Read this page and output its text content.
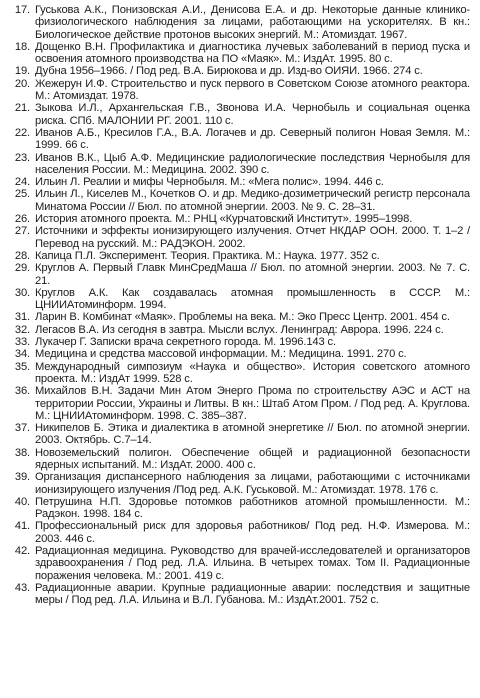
17. Гуськова А.К., Понизовская А.И., Денисова Е.А. и др. Некоторые данные клинико-физиологического наблюдения за лицами, работающими на ускорителях. В кн.: Биологическое действие протонов высоких энергий. М.: Атомиздат. 1967.
18. Дощенко В.Н. Профилактика и диагностика лучевых заболеваний в период пуска и освоения атомного производства на ПО «Маяк». М.: ИздАт. 1995. 80 с.
19. Дубна 1956–1966. / Под ред. В.А. Бирюкова и др. Изд-во ОИЯИ. 1966. 274 с.
20. Жежерун И.Ф. Строительство и пуск первого в Советском Союзе атомного реактора. М.: Атомиздат. 1978.
21. Зыкова И.Л., Архангельская Г.В., Звонова И.А. Чернобыль и социальная оценка риска. СПб. МАЛОНИИ РГ. 2001. 110 с.
22. Иванов А.Б., Кресилов Г.А., В.А. Логачев и др. Северный полигон Новая Земля. М.: 1999. 66 с.
23. Иванов В.К., Цыб А.Ф. Медицинские радиологические последствия Чернобыля для населения России. М.: Медицина. 2002. 390 с.
24. Ильин Л. Реалии и мифы Чернобыля. М.: «Мега полис». 1994. 446 с.
25. Ильин Л., Киселев М., Кочетков О. и др. Медико-дозиметрический регистр персонала Минатома России // Бюл. по атомной энергии. 2003. № 9. С. 28–31.
26. История атомного проекта. М.: РНЦ «Курчатовский Институт». 1995–1998.
27. Источники и эффекты ионизирующего излучения. Отчет НКДАР ООН. 2000. Т. 1–2 / Перевод на русский. М.: РАДЭКОН. 2002.
28. Капица П.Л. Эксперимент. Теория. Практика. М.: Наука. 1977. 352 с.
29. Круглов А. Первый Главк МинСредМаша // Бюл. по атомной энергии. 2003. № 7. С. 21.
30. Круглов А.К. Как создавалась атомная промышленность в СССР. М.: ЦНИИАтоминформ. 1994.
31. Ларин В. Комбинат «Маяк». Проблемы на века. М.: Эко Пресс Центр. 2001. 454 с.
32. Легасов В.А. Из сегодня в завтра. Мысли вслух. Ленинград: Аврора. 1996. 224 с.
33. Лукачер Г. Записки врача секретного города. М. 1996.143 с.
34. Медицина и средства массовой информации. М.: Медицина. 1991. 270 с.
35. Международный симпозиум «Наука и общество». История советского атомного проекта. М.: ИздАт 1999. 528 с.
36. Михайлов В.Н. Задачи Мин Атом Энерго Прома по строительству АЭС и АСТ на территории России, Украины и Литвы. В кн.: Штаб Атом Пром. / Под ред. А. Круглова. М.: ЦНИИАтоминформ. 1998. С. 385–387.
37. Никипелов Б. Этика и диалектика в атомной энергетике // Бюл. по атомной энергии. 2003. Октябрь. С.7–14.
38. Новоземельский полигон. Обеспечение общей и радиационной безопасности ядерных испытаний. М.: ИздАт. 2000. 400 с.
39. Организация диспансерного наблюдения за лицами, работающими с источниками ионизирующего излучения /Под ред. А.К. Гуськовой. М.: Атомиздат. 1978. 176 с.
40. Петрушина Н.П. Здоровье потомков работников атомной промышленности. М.: Радэкон. 1998. 184 с.
41. Профессиональный риск для здоровья работников/ Под ред. Н.Ф. Измерова. М.: 2003. 446 с.
42. Радиационная медицина. Руководство для врачей-исследователей и организаторов здравоохранения / Под ред. Л.А. Ильина. В четырех томах. Том II. Радиационные поражения человека. М.: 2001. 419 с.
43. Радиационные аварии. Крупные радиационные аварии: последствия и защитные меры / Под ред. Л.А. Ильина и В.Л. Губанова. М.: ИздАт.2001. 752 с.
